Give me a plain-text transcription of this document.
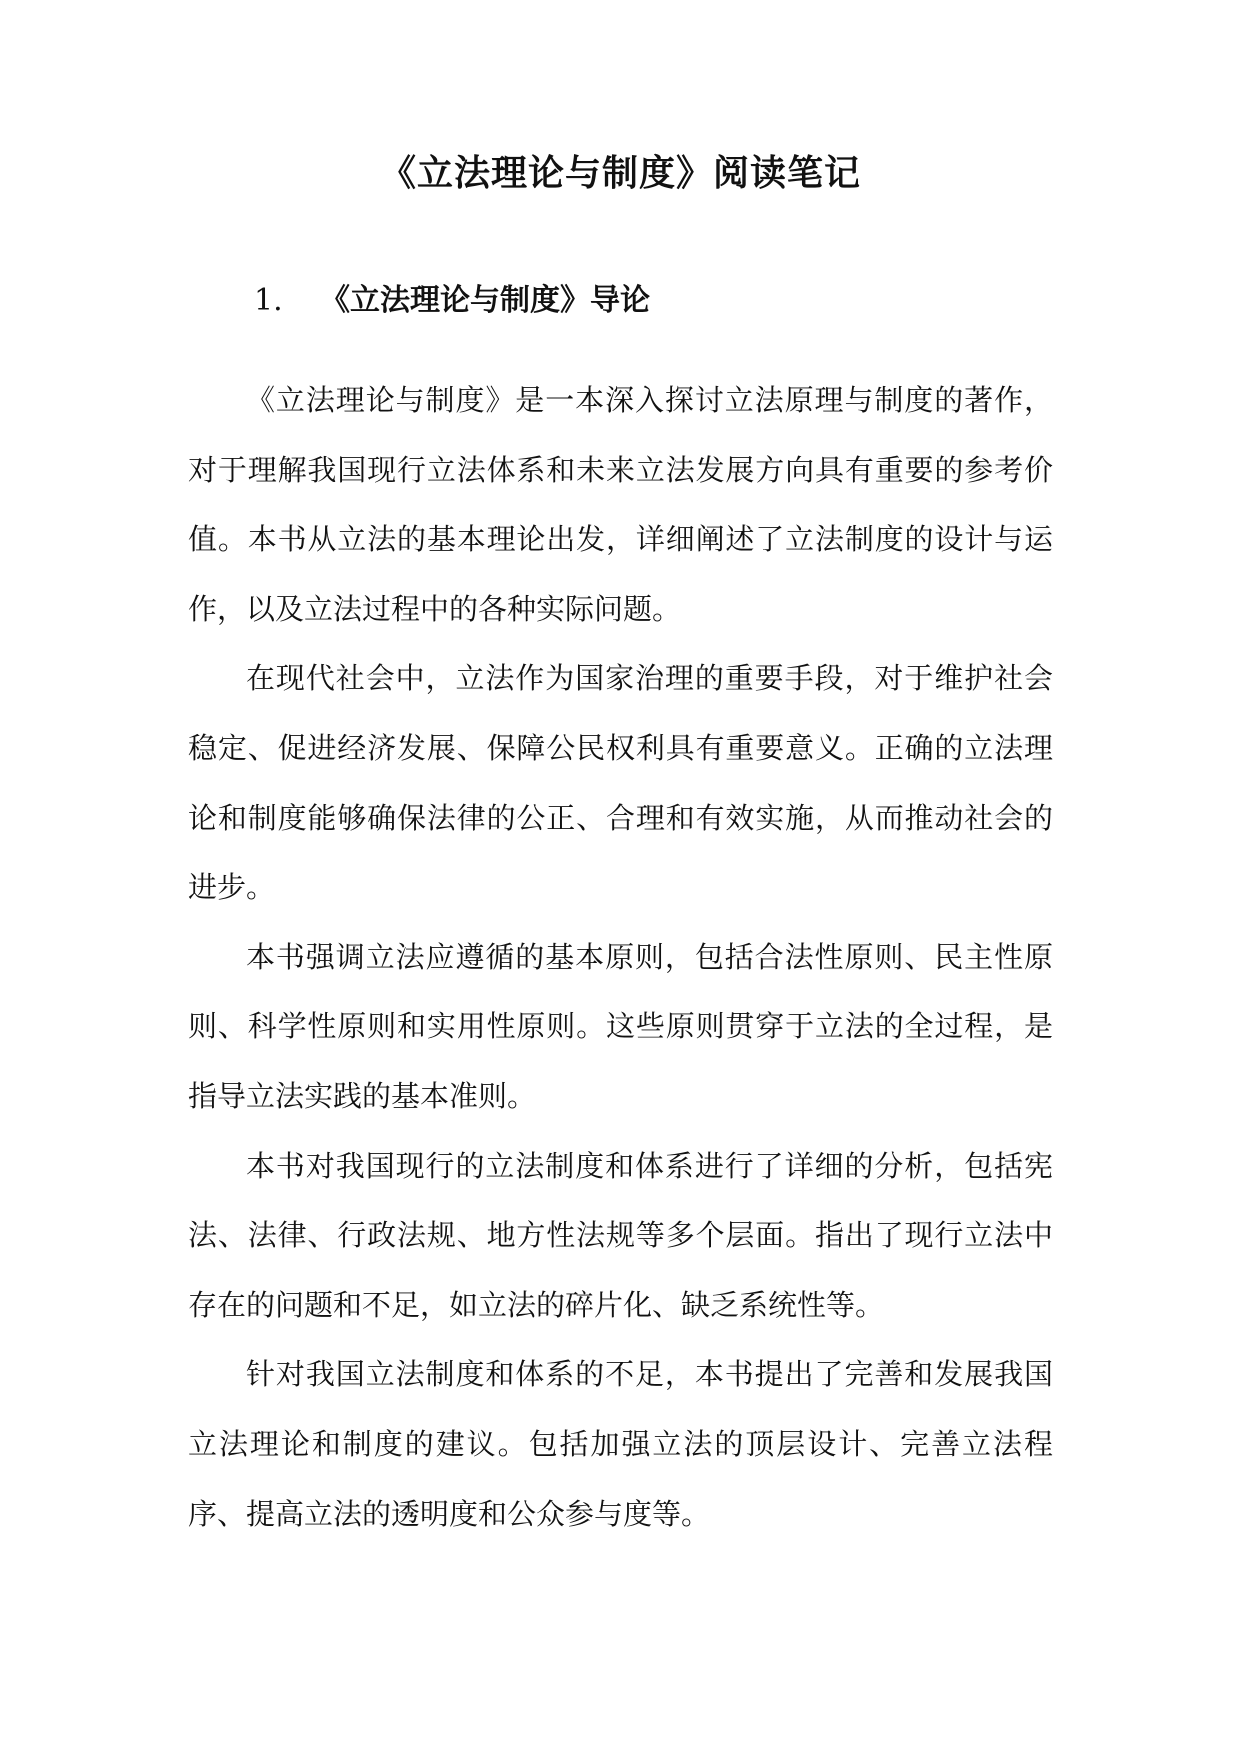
《立法理论与制度》阅读笔记
1. 《立法理论与制度》导论

《立法理论与制度》是一本深入探讨立法原理与制度的著作，对于理解我国现行立法体系和未来立法发展方向具有重要的参考价值。本书从立法的基本理论出发，详细阐述了立法制度的设计与运作，以及立法过程中的各种实际问题。

在现代社会中，立法作为国家治理的重要手段，对于维护社会稳定、促进经济发展、保障公民权利具有重要意义。正确的立法理论和制度能够确保法律的公正、合理和有效实施，从而推动社会的进步。

本书强调立法应遵循的基本原则，包括合法性原则、民主性原则、科学性原则和实用性原则。这些原则贯穿于立法的全过程，是指导立法实践的基本准则。

本书对我国现行的立法制度和体系进行了详细的分析，包括宪法、法律、行政法规、地方性法规等多个层面。指出了现行立法中存在的问题和不足，如立法的碎片化、缺乏系统性等。

针对我国立法制度和体系的不足，本书提出了完善和发展我国立法理论和制度的建议。包括加强立法的顶层设计、完善立法程序、提高立法的透明度和公众参与度等。
